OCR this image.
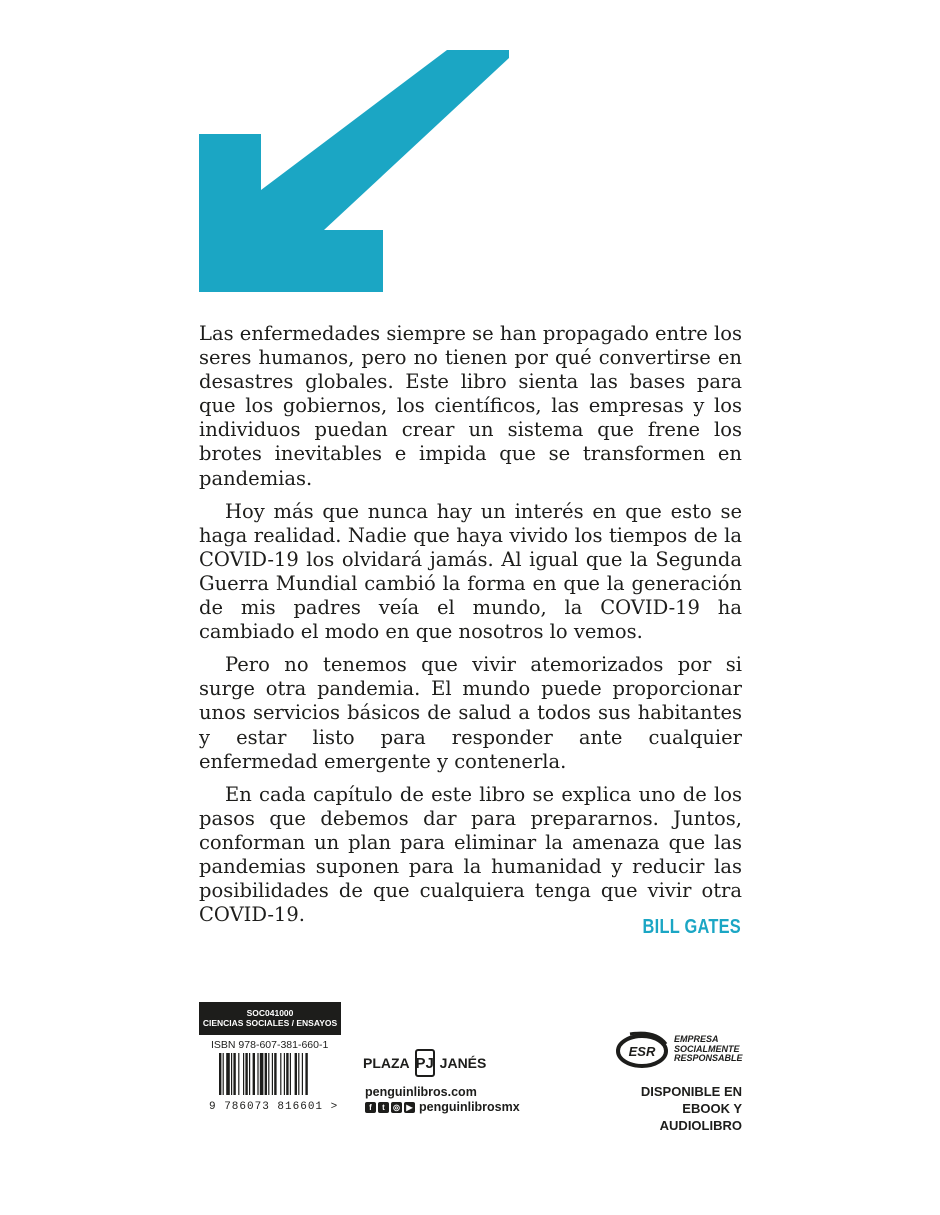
Las enfermedades siempre se han propagado entre los seres humanos, pero no tienen por qué convertirse en desastres globales. Este libro sienta las bases para que los gobiernos, los científicos, las empresas y los individuos puedan crear un sistema que frene los brotes inevitables e impida que se transformen en pandemias.

Hoy más que nunca hay un interés en que esto se haga realidad. Nadie que haya vivido los tiempos de la COVID-19 los olvidará jamás. Al igual que la Segunda Guerra Mundial cambió la forma en que la generación de mis padres veía el mundo, la COVID-19 ha cambiado el modo en que nosotros lo vemos.

Pero no tenemos que vivir atemorizados por si surge otra pandemia. El mundo puede proporcionar unos servicios básicos de salud a todos sus habitantes y estar listo para responder ante cualquier enfermedad emergente y contenerla.

En cada capítulo de este libro se explica uno de los pasos que debemos dar para prepararnos. Juntos, conforman un plan para eliminar la amenaza que las pandemias suponen para la humanidad y reducir las posibilidades de que cualquiera tenga que vivir otra COVID-19.

BILL GATES
SOC041000
CIENCIAS SOCIALES / ENSAYOS
ISBN 978-607-381-660-1
9 786073 816601 >
PLAZA PJ JANÉS
penguinlibros.com
f	t	◎ ▶ penguinlibrosmx
ESR
EMPRESA
SOCIALMENTE
RESPONSABLE
DISPONIBLE EN
EBOOK Y AUDIOLIBRO
